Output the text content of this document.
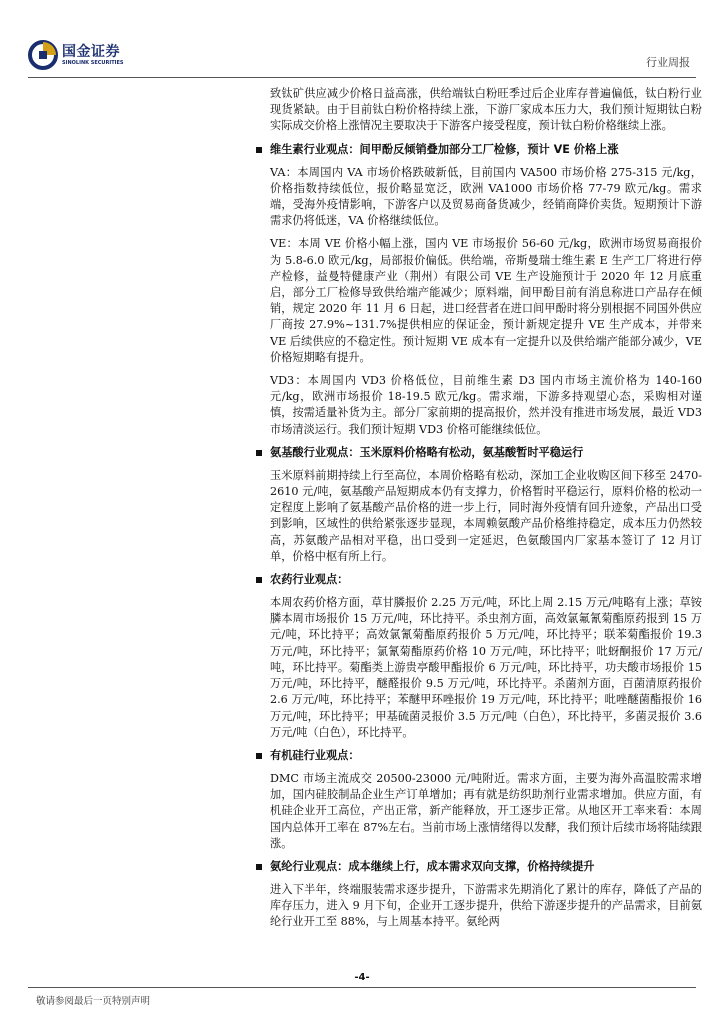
国金证券
SINOLINK SECURITIES	行业周报

致钛矿供应减少价格日益高涨，供给端钛白粉旺季过后企业库存普遍偏低，钛白粉行业现货紧缺。由于目前钛白粉价格持续上涨，下游厂家成本压力大，我们预计短期钛白粉实际成交价格上涨情况主要取决于下游客户接受程度，预计钛白粉价格继续上涨。

维生素行业观点：间甲酚反倾销叠加部分工厂检修，预计 VE 价格上涨

VA：本周国内 VA 市场价格跌破新低，目前国内 VA500 市场价格 275-315 元/kg，价格指数持续低位，报价略显宽泛，欧洲 VA1000 市场价格 77-79 欧元/kg。需求端，受海外疫情影响，下游客户以及贸易商备货减少，经销商降价卖货。短期预计下游需求仍将低迷，VA 价格继续低位。

VE：本周 VE 价格小幅上涨，国内 VE 市场报价 56-60 元/kg，欧洲市场贸易商报价为 5.8-6.0 欧元/kg，局部报价偏低。供给端，帝斯曼瑞士维生素 E 生产工厂将进行停产检修，益曼特健康产业（荆州）有限公司 VE 生产设施预计于 2020 年 12 月底重启，部分工厂检修导致供给端产能减少；原料端，间甲酚目前有消息称进口产品存在倾销，规定 2020 年 11 月 6 日起，进口经营者在进口间甲酚时将分别根据不同国外供应厂商按 27.9%~131.7%提供相应的保证金，预计新规定提升 VE 生产成本，并带来 VE 后续供应的不稳定性。预计短期 VE 成本有一定提升以及供给端产能部分减少，VE 价格短期略有提升。

VD3：本周国内 VD3 价格低位，目前维生素 D3 国内市场主流价格为 140-160 元/kg，欧洲市场报价 18-19.5 欧元/kg。需求端，下游多持观望心态，采购相对谨慎，按需适量补货为主。部分厂家前期的提高报价，然并没有推进市场发展，最近 VD3 市场清淡运行。我们预计短期 VD3 价格可能继续低位。

氨基酸行业观点：玉米原料价格略有松动，氨基酸暂时平稳运行

玉米原料前期持续上行至高位，本周价格略有松动，深加工企业收购区间下移至 2470-2610 元/吨，氨基酸产品短期成本仍有支撑力，价格暂时平稳运行，原料价格的松动一定程度上影响了氨基酸产品价格的进一步上行，同时海外疫情有回升迹象，产品出口受到影响，区域性的供给紧张逐步显现，本周赖氨酸产品价格维持稳定，成本压力仍然较高，苏氨酸产品相对平稳，出口受到一定延迟，色氨酸国内厂家基本签订了 12 月订单，价格中枢有所上行。

农药行业观点：

本周农药价格方面，草甘膦报价 2.25 万元/吨，环比上周 2.15 万元/吨略有上涨；草铵膦本周市场报价 15 万元/吨，环比持平。杀虫剂方面，高效氯氟氰菊酯原药报到 15 万元/吨，环比持平；高效氯氰菊酯原药报价 5 万元/吨，环比持平；联苯菊酯报价 19.3 万元/吨，环比持平；氯氰菊酯原药价格 10 万元/吨，环比持平；吡蚜酮报价 17 万元/吨，环比持平。菊酯类上游贵亭酸甲酯报价 6 万元/吨，环比持平，功夫酸市场报价 15 万元/吨，环比持平，醚醛报价 9.5 万元/吨，环比持平。杀菌剂方面，百菌清原药报价 2.6 万元/吨，环比持平；苯醚甲环唑报价 19 万元/吨，环比持平；吡唑醚菌酯报价 16 万元/吨，环比持平；甲基硫菌灵报价 3.5 万元/吨（白色），环比持平，多菌灵报价 3.6 万元/吨（白色），环比持平。

有机硅行业观点：

DMC 市场主流成交 20500-23000 元/吨附近。需求方面，主要为海外高温胶需求增加，国内硅胶制品企业生产订单增加；再有就是纺织助剂行业需求增加。供应方面，有机硅企业开工高位，产出正常，新产能释放，开工逐步正常。从地区开工率来看：本周国内总体开工率在 87%左右。当前市场上涨情绪得以发酵，我们预计后续市场将陆续跟涨。

氨纶行业观点：成本继续上行，成本需求双向支撑，价格持续提升

进入下半年，终端服装需求逐步提升，下游需求先期消化了累计的库存，降低了产品的库存压力，进入 9 月下旬，企业开工逐步提升，供给下游逐步提升的产品需求，目前氨纶行业开工至 88%，与上周基本持平。氨纶两

-4-
敬请参阅最后一页特别声明
